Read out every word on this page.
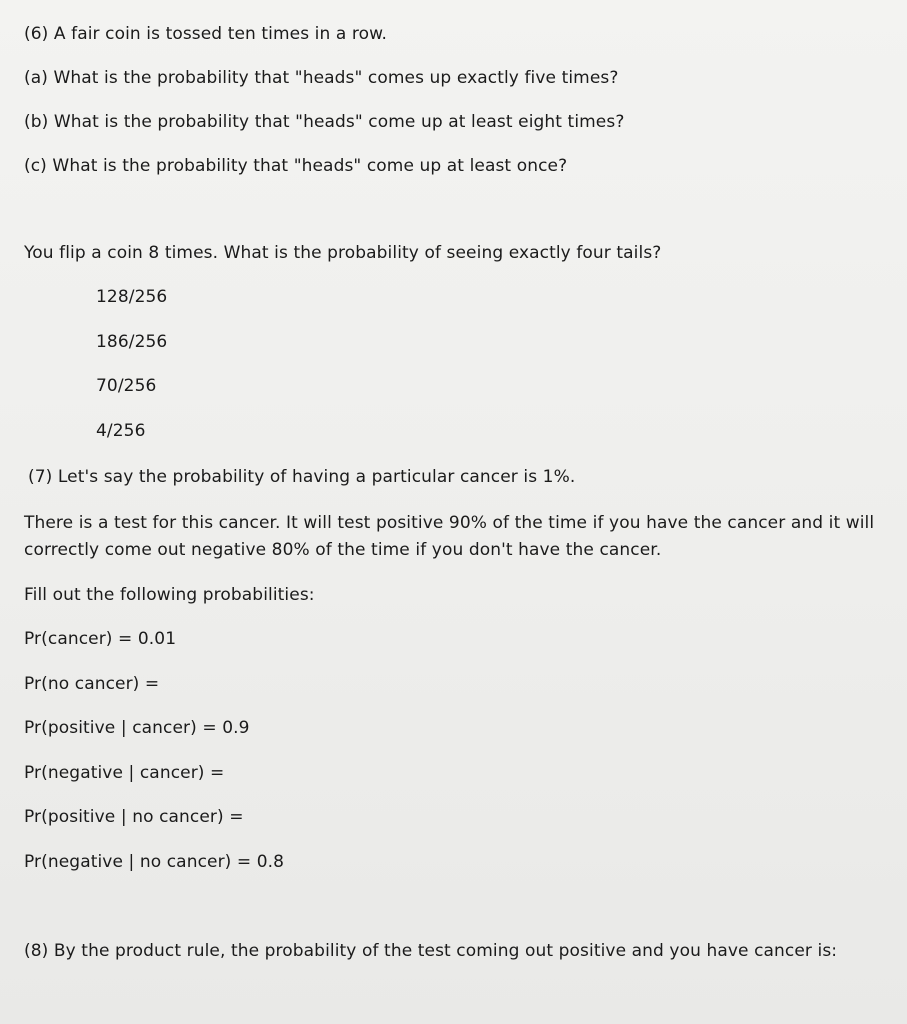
(6) A fair coin is tossed ten times in a row.
(a) What is the probability that "heads" comes up exactly five times?
(b) What is the probability that "heads" come up at least eight times?
(c) What is the probability that "heads" come up at least once?
You flip a coin 8 times. What is the probability of seeing exactly four tails?
128/256
186/256
70/256
4/256
(7) Let's say the probability of having a particular cancer is 1%.
There is a test for this cancer. It will test positive 90% of the time if you have the cancer and it will correctly come out negative 80% of the time if you don't have the cancer.
Fill out the following probabilities:
Pr(cancer) = 0.01
Pr(no cancer) =
Pr(positive | cancer) = 0.9
Pr(negative | cancer) =
Pr(positive | no cancer) =
Pr(negative | no cancer) = 0.8
(8) By the product rule, the probability of the test coming out positive and you have cancer is:
